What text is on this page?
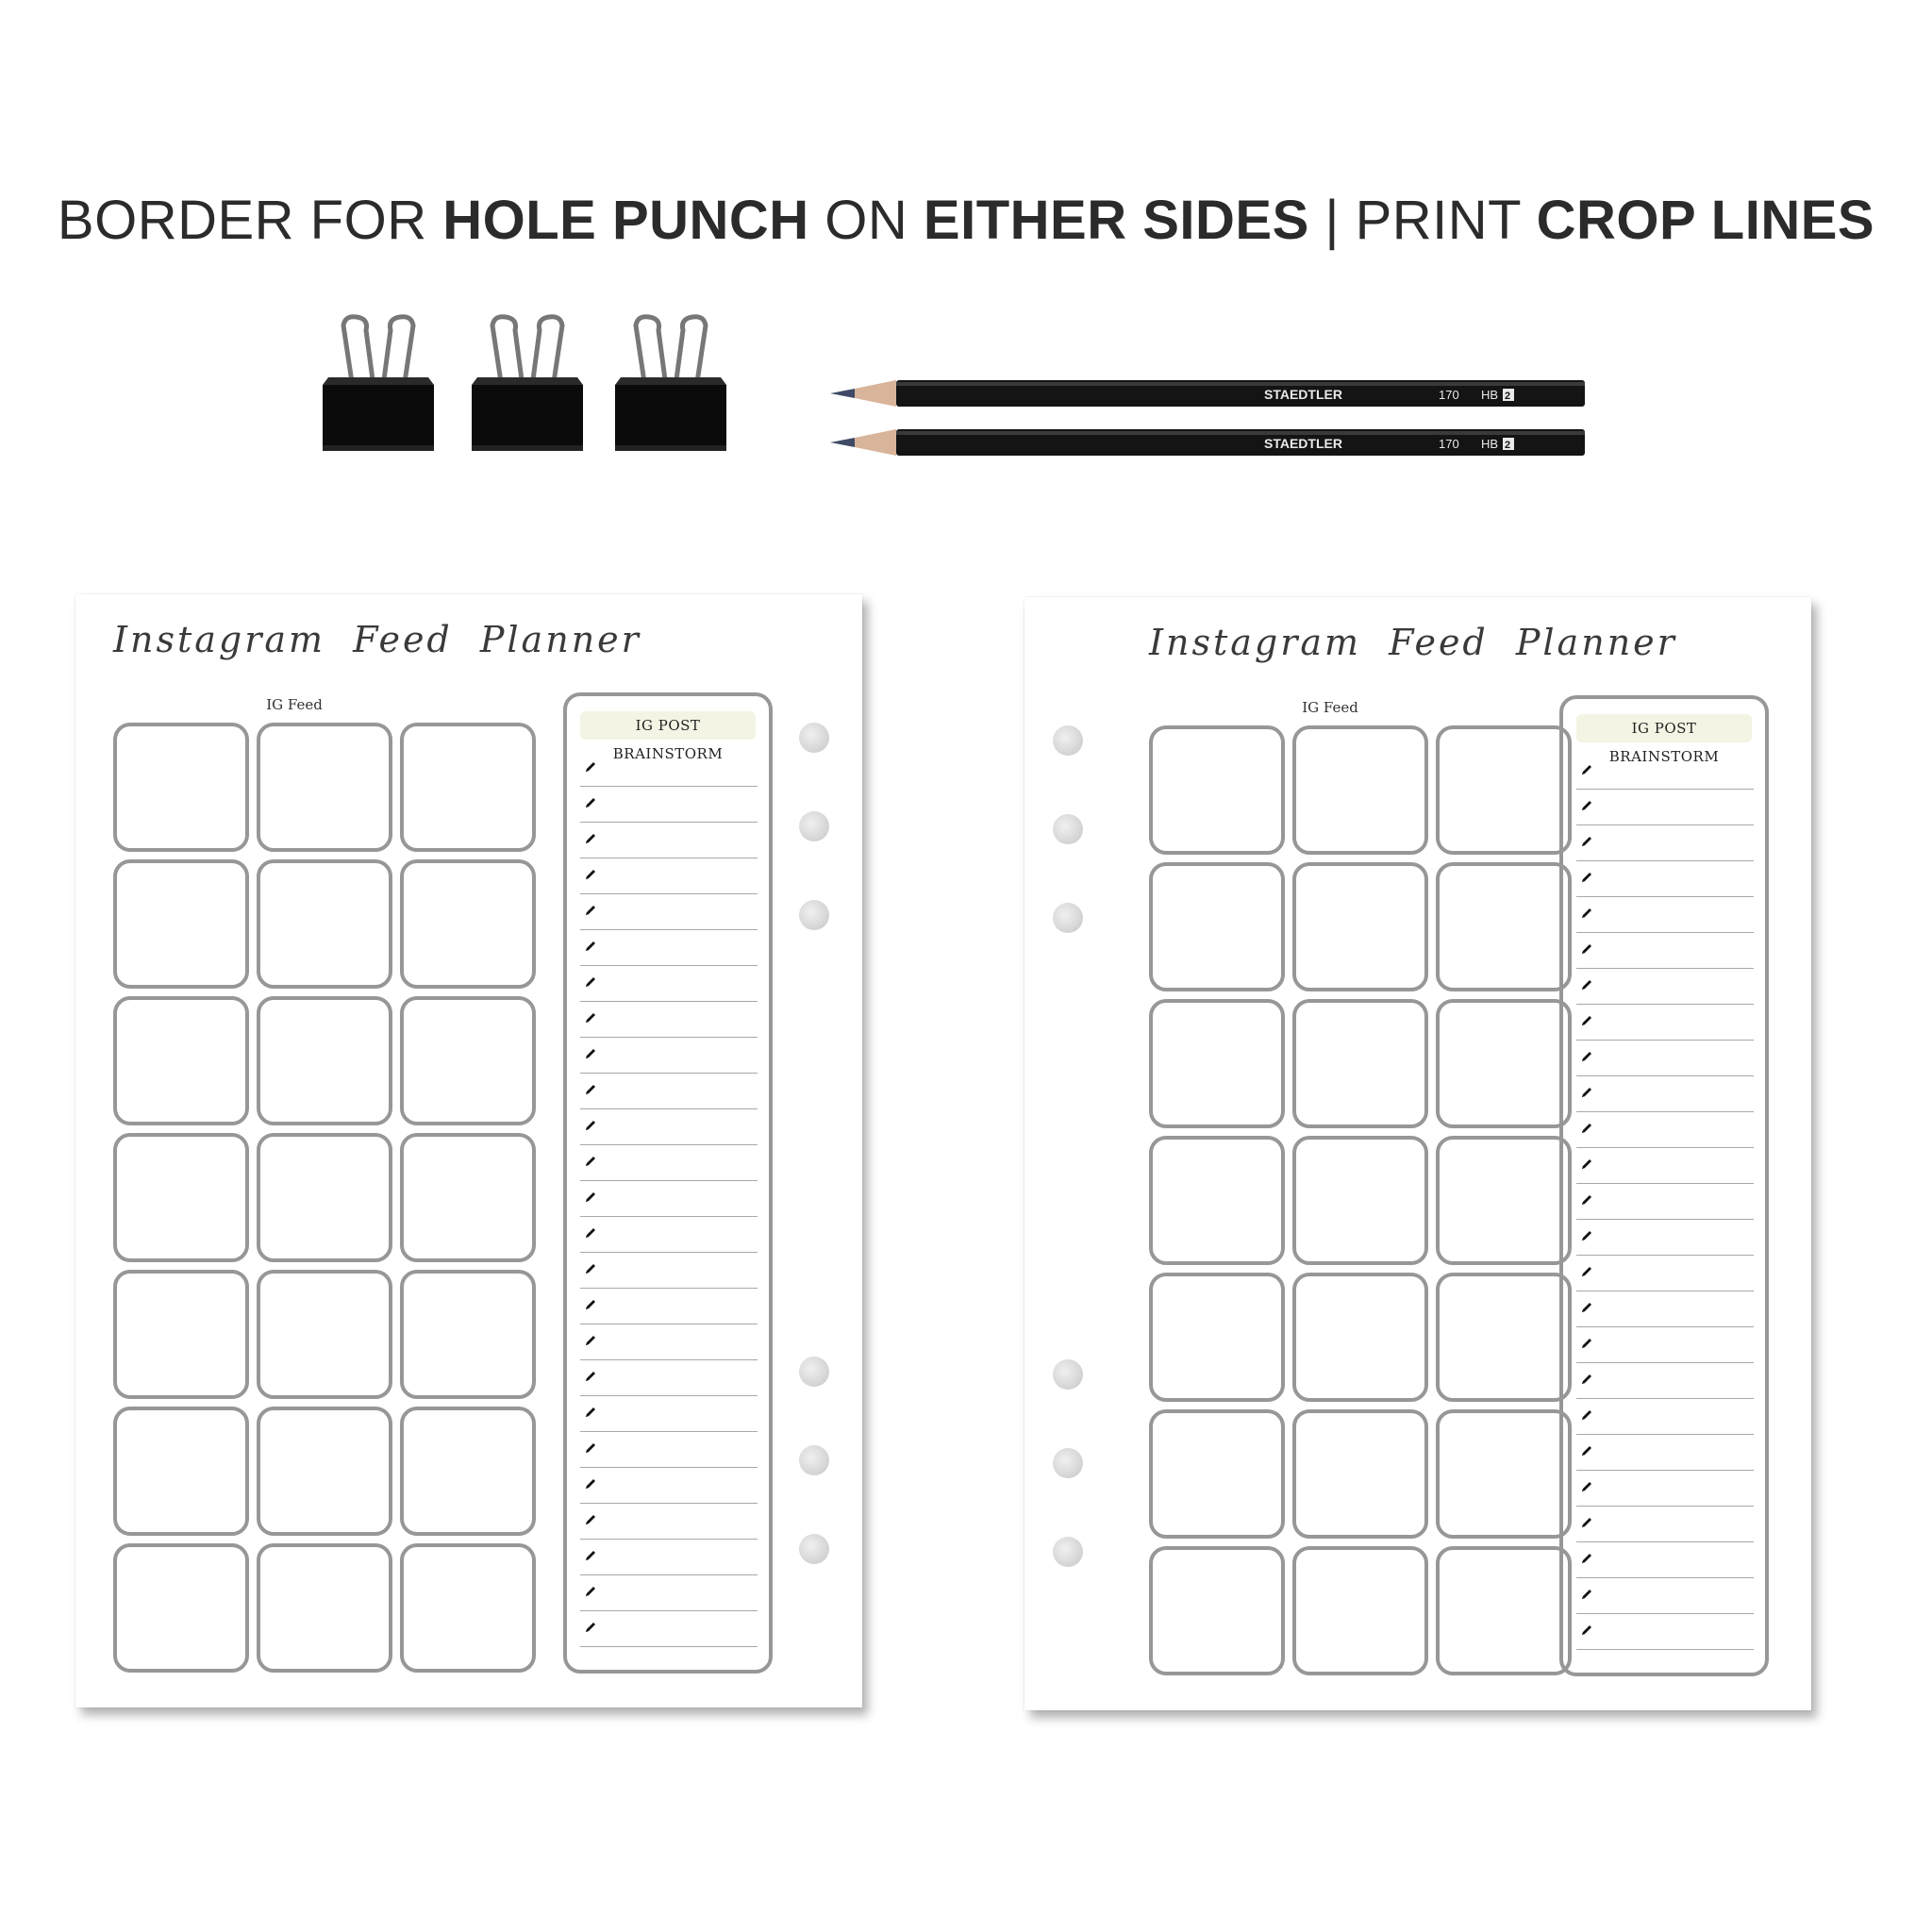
BORDER FOR HOLE PUNCH ON EITHER SIDES | PRINT CROP LINES
STAEDTLER	170 HB 2
STAEDTLER	170 HB 2
Instagram Feed Planner
IG Feed
IG POST BRAINSTORM
Instagram Feed Planner
IG Feed
IG POST BRAINSTORM
